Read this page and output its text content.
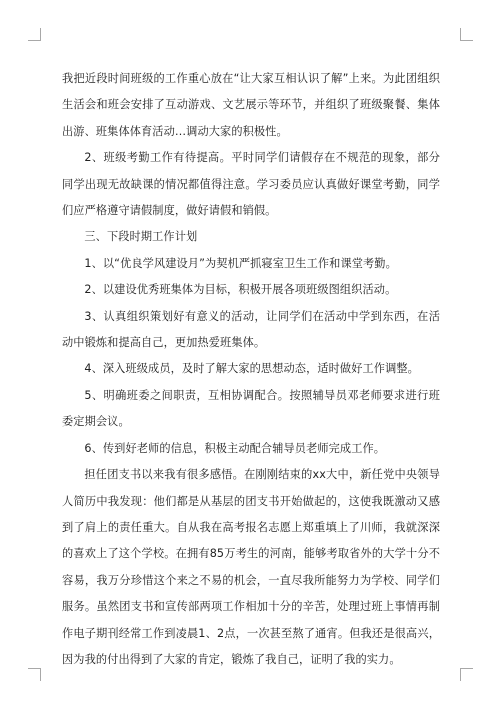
我把近段时间班级的工作重心放在“让大家互相认识了解”上来。为此团组织生活会和班会安排了互动游戏、文艺展示等环节，并组织了班级聚餐、集体出游、班集体体育活动…调动大家的积极性。

2、班级考勤工作有待提高。平时同学们请假存在不规范的现象，部分同学出现无故缺课的情况都值得注意。学习委员应认真做好课堂考勤，同学们应严格遵守请假制度，做好请假和销假。

三、下段时期工作计划

1、以“优良学风建设月”为契机严抓寝室卫生工作和课堂考勤。

2、以建设优秀班集体为目标，积极开展各项班级图组织活动。

3、认真组织策划好有意义的活动，让同学们在活动中学到东西，在活动中锻炼和提高自己，更加热爱班集体。

4、深入班级成员，及时了解大家的思想动态，适时做好工作调整。

5、明确班委之间职责，互相协调配合。按照辅导员邓老师要求进行班委定期会议。

6、传到好老师的信息，积极主动配合辅导员老师完成工作。

担任团支书以来我有很多感悟。在刚刚结束的xx大中，新任党中央领导人简历中我发现：他们都是从基层的团支书开始做起的，这使我既激动又感到了肩上的责任重大。自从我在高考报名志愿上郑重填上了川师，我就深深的喜欢上了这个学校。在拥有85万考生的河南，能够考取省外的大学十分不容易，我万分珍惜这个来之不易的机会，一直尽我所能努力为学校、同学们服务。虽然团支书和宣传部两项工作相加十分的辛苦，处理过班上事情再制作电子期刊经常工作到凌晨1、2点，一次甚至熬了通宵。但我还是很高兴，因为我的付出得到了大家的肯定，锻炼了我自己，证明了我的实力。
